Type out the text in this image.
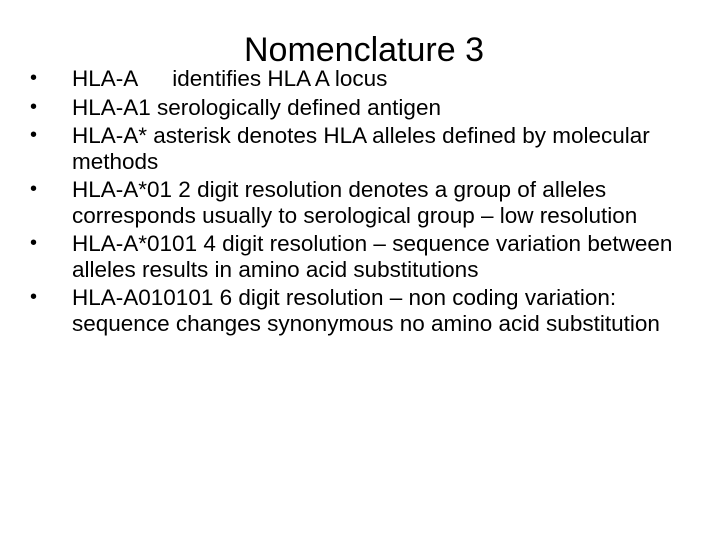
Nomenclature 3
• HLA-A identifies HLA A locus
• HLA-A1 serologically defined antigen
• HLA-A* asterisk denotes HLA alleles defined by molecular methods
• HLA-A*01 2 digit resolution denotes a group of alleles corresponds usually to serological group – low resolution
• HLA-A*0101 4 digit resolution – sequence variation between alleles results in amino acid substitutions
• HLA-A010101 6 digit resolution – non coding variation: sequence changes synonymous no amino acid substitution
